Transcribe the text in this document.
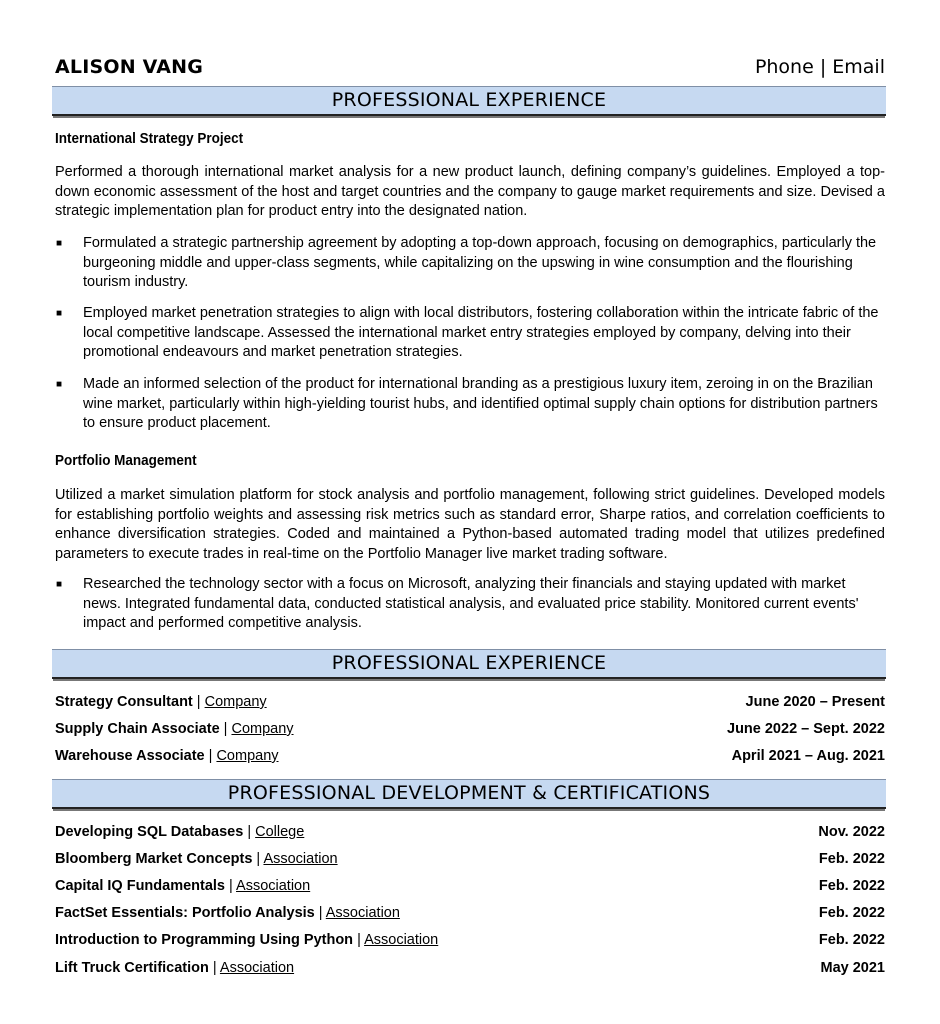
ALISON VANG	Phone | Email
PROFESSIONAL EXPERIENCE
International Strategy Project
Performed a thorough international market analysis for a new product launch, defining company’s guidelines. Employed a top-down economic assessment of the host and target countries and the company to gauge market requirements and size. Devised a strategic implementation plan for product entry into the designated nation.
■ Formulated a strategic partnership agreement by adopting a top-down approach, focusing on demographics, particularly the burgeoning middle and upper-class segments, while capitalizing on the upswing in wine consumption and the flourishing tourism industry.
■ Employed market penetration strategies to align with local distributors, fostering collaboration within the intricate fabric of the local competitive landscape. Assessed the international market entry strategies employed by company, delving into their promotional endeavours and market penetration strategies.
■ Made an informed selection of the product for international branding as a prestigious luxury item, zeroing in on the Brazilian wine market, particularly within high-yielding tourist hubs, and identified optimal supply chain options for distribution partners to ensure product placement.
Portfolio Management
Utilized a market simulation platform for stock analysis and portfolio management, following strict guidelines. Developed models for establishing portfolio weights and assessing risk metrics such as standard error, Sharpe ratios, and correlation coefficients to enhance diversification strategies. Coded and maintained a Python-based automated trading model that utilizes predefined parameters to execute trades in real-time on the Portfolio Manager live market trading software.
■ Researched the technology sector with a focus on Microsoft, analyzing their financials and staying updated with market news. Integrated fundamental data, conducted statistical analysis, and evaluated price stability. Monitored current events' impact and performed competitive analysis.
PROFESSIONAL EXPERIENCE
Strategy Consultant | Company	June 2020 – Present
Supply Chain Associate | Company	June 2022 – Sept. 2022
Warehouse Associate | Company	April 2021 – Aug. 2021
PROFESSIONAL DEVELOPMENT & CERTIFICATIONS
Developing SQL Databases | College	Nov. 2022
Bloomberg Market Concepts | Association	Feb. 2022
Capital IQ Fundamentals | Association	Feb. 2022
FactSet Essentials: Portfolio Analysis | Association	Feb. 2022
Introduction to Programming Using Python | Association	Feb. 2022
Lift Truck Certification | Association	May 2021
